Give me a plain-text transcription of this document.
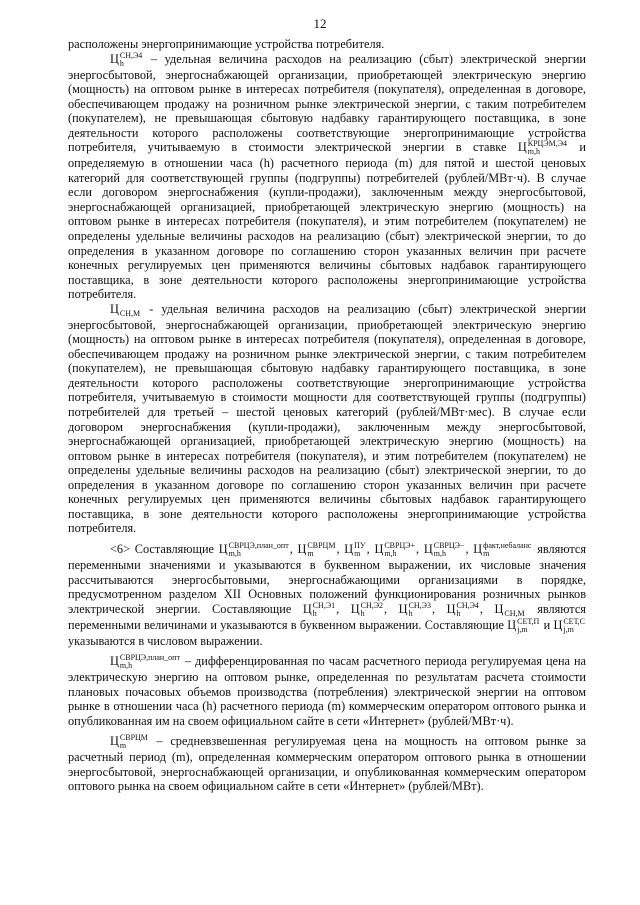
12

расположены энергопринимающие устройства потребителя.

Ц СН,Э4
h	– удельная величина расходов на реализацию (сбыт) электрической энергии энергосбытовой, энергоснабжающей организации, приобретающей электрическую энергию (мощность) на оптовом рынке в интересах потребителя (покупателя), определенная в договоре, обеспечивающем продажу на розничном рынке электрической энергии, с таким потребителем (покупателем), не превышающая сбытовую надбавку гарантирующего поставщика, в зоне деятельности которого расположены соответствующие энергопринимающие устройства потребителя, учитываемую в стоимости электрической энергии в ставке Ц КРЦЭМ,Э4
m,h	и определяемую в отношении часа (h) расчетного периода (m) для пятой и шестой ценовых категорий для соответствующей группы (подгруппы) потребителей (рублей/МВт·ч). В случае если договором энергоснабжения (купли-продажи), заключенным между энергосбытовой, энергоснабжающей организацией, приобретающей электрическую энергию (мощность) на оптовом рынке в интересах потребителя (покупателя), и этим потребителем (покупателем) не определены удельные величины расходов на реализацию (сбыт) электрической энергии, то до определения в указанном договоре по соглашению сторон указанных величин при расчете конечных регулируемых цен применяются величины сбытовых надбавок гарантирующего поставщика, в зоне деятельности которого расположены энергопринимающие устройства потребителя.

Ц СН,М - удельная величина расходов на реализацию (сбыт) электрической энергии энергосбытовой, энергоснабжающей организации, приобретающей электрическую энергию (мощность) на оптовом рынке в интересах потребителя (покупателя), определенная в договоре, обеспечивающем продажу на розничном рынке электрической энергии, с таким потребителем (покупателем), не превышающая сбытовую надбавку гарантирующего поставщика, в зоне деятельности которого расположены соответствующие энергопринимающие устройства потребителя, учитываемую в стоимости мощности для соответствующей группы (подгруппы) потребителей для третьей – шестой ценовых категорий (рублей/МВт·мес). В случае если договором энергоснабжения (купли-продажи), заключенным между энергосбытовой, энергоснабжающей организацией, приобретающей электрическую энергию (мощность) на оптовом рынке в интересах потребителя (покупателя), и этим потребителем (покупателем) не определены удельные величины расходов на реализацию (сбыт) электрической энергии, то до определения в указанном договоре по соглашению сторон указанных величин при расчете конечных регулируемых цен применяются величины сбытовых надбавок гарантирующего поставщика, в зоне деятельности которого расположены энергопринимающие устройства потребителя.

<6> Составляющие Ц СВРЦЭ,план_опт
m,h	, Ц СВРЦМ
m	, Ц ПУ
m , Ц СВРЦЭ+
m,h	, Ц СВРЦЭ−
m,h	, Ц факт,небаланс
m	являются переменными значениями и указываются в буквенном выражении, их числовые значения рассчитываются энергосбытовыми, энергоснабжающими организациями в порядке, предусмотренном разделом XII Основных положений функционирования розничных рынков электрической энергии. Составляющие Ц СН,Э1
h	, Ц СН,Э2
h	, Ц СН,Э3
h	, Ц СН,Э4
h	, Ц СН,М являются переменными величинами и указываются в буквенном выражении. Составляющие Ц СЕТ,П
j,m	и Ц СЕТ,С
j,m
указываются в числовом выражении.

Ц СВРЦЭ,план_опт
m,h	– дифференцированная по часам расчетного периода регулируемая цена на электрическую энергию на оптовом рынке, определенная по результатам расчета стоимости плановых почасовых объемов производства (потребления) электрической энергии на оптовом рынке в отношении часа (h) расчетного периода (m) коммерческим оператором оптового рынка и опубликованная им на своем официальном сайте в сети «Интернет» (рублей/МВт·ч).

Ц СВРЦМ
m	– средневзвешенная регулируемая цена на мощность на оптовом рынке за расчетный период (m), определенная коммерческим оператором оптового рынка в отношении энергосбытовой, энергоснабжающей организации, и опубликованная коммерческим оператором оптового рынка на своем официальном сайте в сети «Интернет» (рублей/МВт).
